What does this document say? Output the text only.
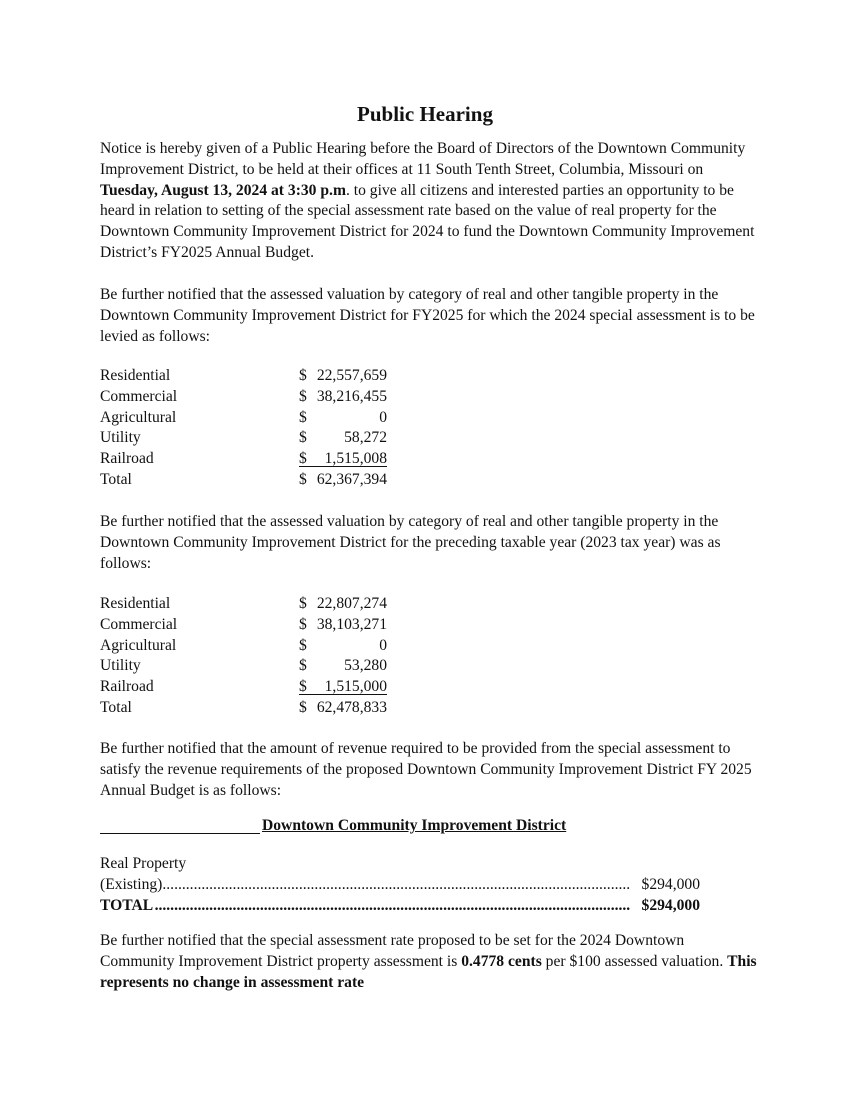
Public Hearing

Notice is hereby given of a Public Hearing before the Board of Directors of the Downtown Community Improvement District, to be held at their offices at 11 South Tenth Street, Columbia, Missouri on Tuesday, August 13, 2024 at 3:30 p.m. to give all citizens and interested parties an opportunity to be heard in relation to setting of the special assessment rate based on the value of real property for the Downtown Community Improvement District for 2024 to fund the Downtown Community Improvement District’s FY2025 Annual Budget.

Be further notified that the assessed valuation by category of real and other tangible property in the Downtown Community Improvement District for FY2025 for which the 2024 special assessment is to be levied as follows:

Residential	$ 22,557,659
Commercial	$ 38,216,455
Agricultural	$	0
Utility	$ 58,272
Railroad	$ 1,515,008
Total	$ 62,367,394

Be further notified that the assessed valuation by category of real and other tangible property in the Downtown Community Improvement District for the preceding taxable year (2023 tax year) was as follows:

Residential	$ 22,807,274
Commercial	$ 38,103,271
Agricultural	$	0
Utility	$ 53,280
Railroad	$ 1,515,000
Total	$ 62,478,833

Be further notified that the amount of revenue required to be provided from the special assessment to satisfy the revenue requirements of the proposed Downtown Community Improvement District FY 2025 Annual Budget is as follows:

Downtown Community Improvement District
Real Property
.....
(Existing)	$294,000
.....
TOTAL	$294,000

Be further notified that the special assessment rate proposed to be set for the 2024 Downtown Community Improvement District property assessment is 0.4778 cents per $100 assessed valuation. This represents no change in assessment rate
